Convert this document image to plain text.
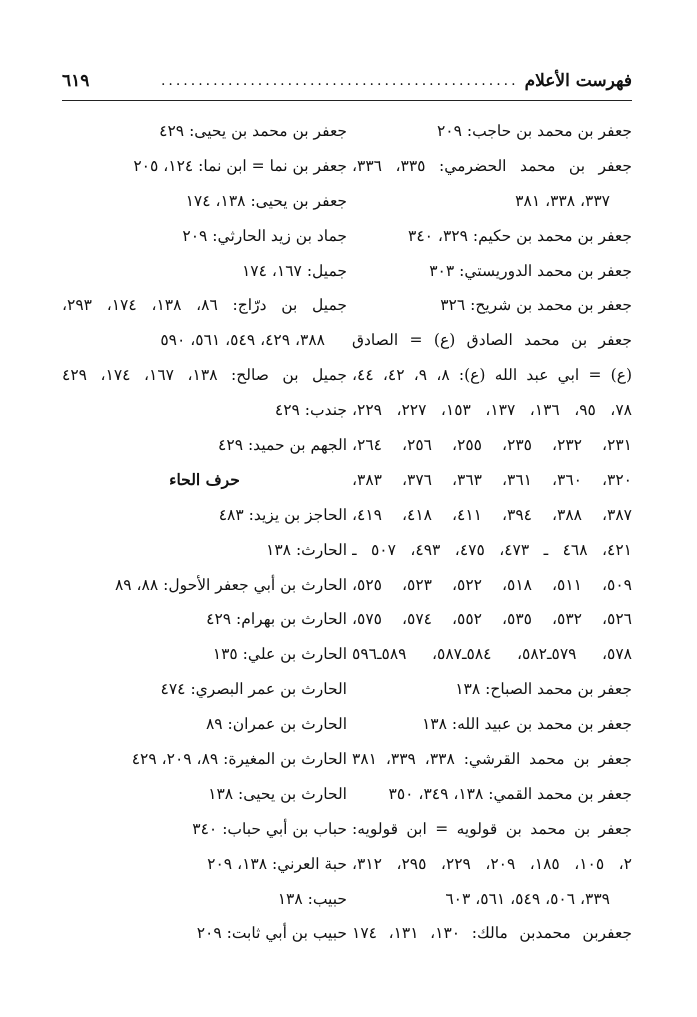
فهرست الأعلام
................................................
٦١٩
جعفر بن محمد بن حاجب: ٢٠٩
جعفر بن محمد الحضرمي: ٣٣٥، ٣٣٦،
٣٣٧، ٣٣٨، ٣٨١
جعفر بن محمد بن حكيم: ٣٢٩، ٣٤٠
جعفر بن محمد الدوريستي: ٣٠٣
جعفر بن محمد بن شريح: ٣٢٦
جعفر بن محمد الصادق (ع) = الصادق
(ع) = ابي عبد الله (ع): ٨، ٩، ٤٢، ٤٤،
٧٨، ٩٥، ١٣٦، ١٣٧، ١٥٣، ٢٢٧، ٢٢٩،
٢٣١، ٢٣٢، ٢٣٥، ٢٥٥، ٢٥٦، ٢٦٤،
٣٢٠، ٣٦٠، ٣٦١، ٣٦٣، ٣٧٦، ٣٨٣،
٣٨٧، ٣٨٨، ٣٩٤، ٤١١، ٤١٨، ٤١٩،
٤٢١، ٤٦٨ ـ ٤٧٣، ٤٧٥، ٤٩٣، ٥٠٧ ـ
٥٠٩، ٥١١، ٥١٨، ٥٢٢، ٥٢٣، ٥٢٥،
٥٢٦، ٥٣٢، ٥٣٥، ٥٥٢، ٥٧٤، ٥٧٥،
٥٧٨، ٥٧٩ـ٥٨٢، ٥٨٤ـ٥٨٧، ٥٨٩ـ٥٩٦
جعفر بن محمد الصباح: ١٣٨
جعفر بن محمد بن عبيد الله: ١٣٨
جعفر بن محمد القرشي: ٣٣٨، ٣٣٩، ٣٨١
جعفر بن محمد القمي: ١٣٨، ٣٤٩، ٣٥٠
جعفر بن محمد بن قولويه = ابن قولويه:
٢، ١٠٥، ١٨٥، ٢٠٩، ٢٢٩، ٢٩٥، ٣١٢،
٣٣٩، ٥٠٦، ٥٤٩، ٥٦١، ٦٠٣
جعفربن محمدبن مالك: ١٣٠، ١٣١، ١٧٤
جعفر بن محمد بن يحيى: ٤٢٩
جعفر بن نما = ابن نما: ١٢٤، ٢٠٥
جعفر بن يحيى: ١٣٨، ١٧٤
جماد بن زيد الحارثي: ٢٠٩
جميل: ١٦٧، ١٧٤
جميل بن درّاج: ٨٦، ١٣٨، ١٧٤، ٢٩٣،
٣٨٨، ٤٢٩، ٥٤٩، ٥٦١، ٥٩٠
جميل بن صالح: ١٣٨، ١٦٧، ١٧٤، ٤٢٩
جندب: ٤٢٩
الجهم بن حميد: ٤٢٩
حرف الحاء
الحاجز بن يزيد: ٤٨٣
الحارث: ١٣٨
الحارث بن أبي جعفر الأحول: ٨٨، ٨٩
الحارث بن بهرام: ٤٢٩
الحارث بن علي: ١٣٥
الحارث بن عمر البصري: ٤٧٤
الحارث بن عمران: ٨٩
الحارث بن المغيرة: ٨٩، ٢٠٩، ٤٢٩
الحارث بن يحيى: ١٣٨
حباب بن أبي حباب: ٣٤٠
حبة العرني: ١٣٨، ٢٠٩
حبيب: ١٣٨
حبيب بن أبي ثابت: ٢٠٩
